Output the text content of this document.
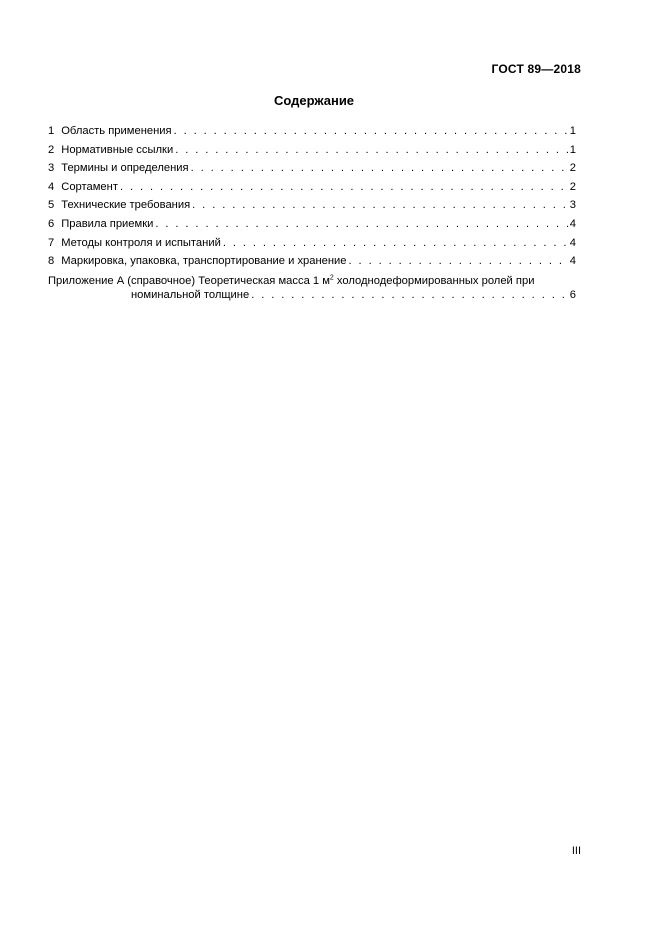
ГОСТ 89—2018
Содержание
1 Область применения . . .	1
2 Нормативные ссылки . . .	1
3 Термины и определения . . .	2
4 Сортамент . . .	2
5 Технические требования . . .	3
6 Правила приемки . . .	4
7 Методы контроля и испытаний . . .	4
8 Маркировка, упаковка, транспортирование и хранение . . .	4
Приложение А (справочное) Теоретическая масса 1 $м^2$ холоднодеформированных ролей при
номинальной толщине . . .	6
III
